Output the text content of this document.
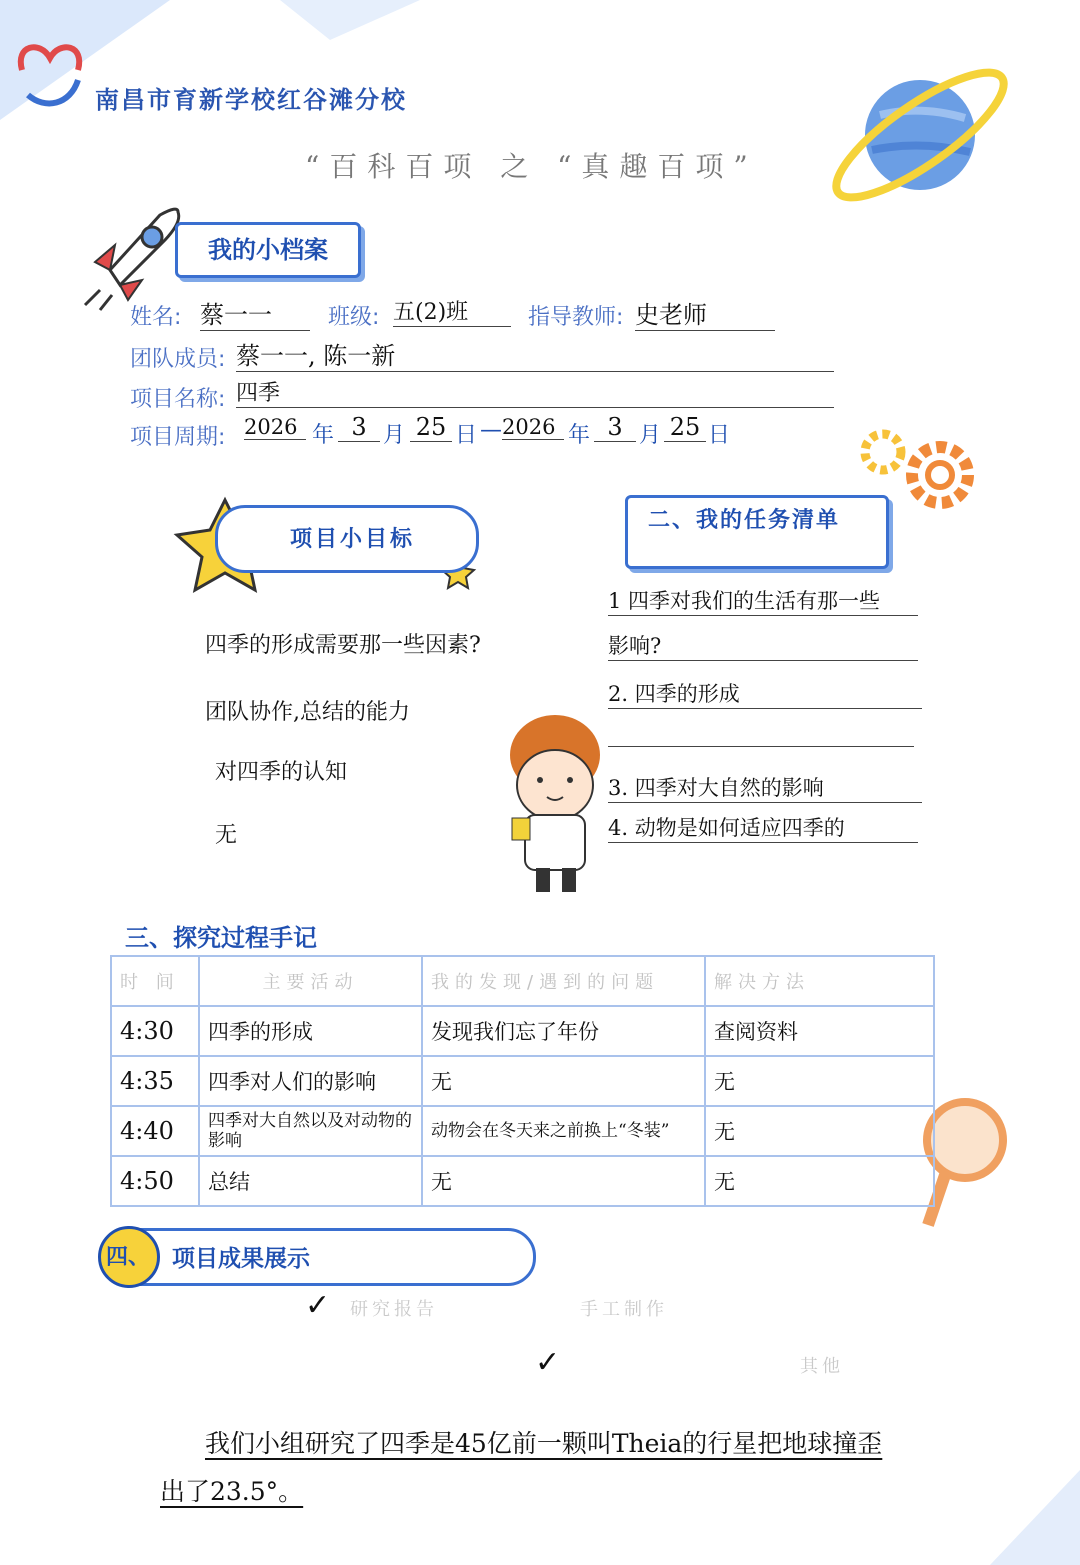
南昌市育新学校红谷滩分校
“百科百项 之 “真趣百项”
我的小档案
姓名: 蔡一一	班级: 五(2)班	指导教师: 史老师
团队成员: 蔡一一, 陈一新
项目名称: 四季
项目周期: 2026 年 3 月 25 日 — 2026 年 3 月 25 日
项目小目标
四季的形成需要那一些因素?
团队协作,总结的能力
对四季的认知
无
二、我的任务清单
1 四季对我们的生活有那一些
影响?
2. 四季的形成
3. 四季对大自然的影响
4. 动物是如何适应四季的
三、探究过程手记
时 间	主要活动	我的发现/遇到的问题	解决方法
4:30	四季的形成	发现我们忘了年份	查阅资料
4:35	四季对人们的影响	无	无
4:40	四季对大自然以及对动物的影响	动物会在冬天来之前换上“冬装”	无
4:50	总结	无	无
四、 项目成果展示
✓ 研究报告	手工制作
✓	其他
我们小组研究了四季是45亿前一颗叫Theia的行星把地球撞歪出了23.5°。
